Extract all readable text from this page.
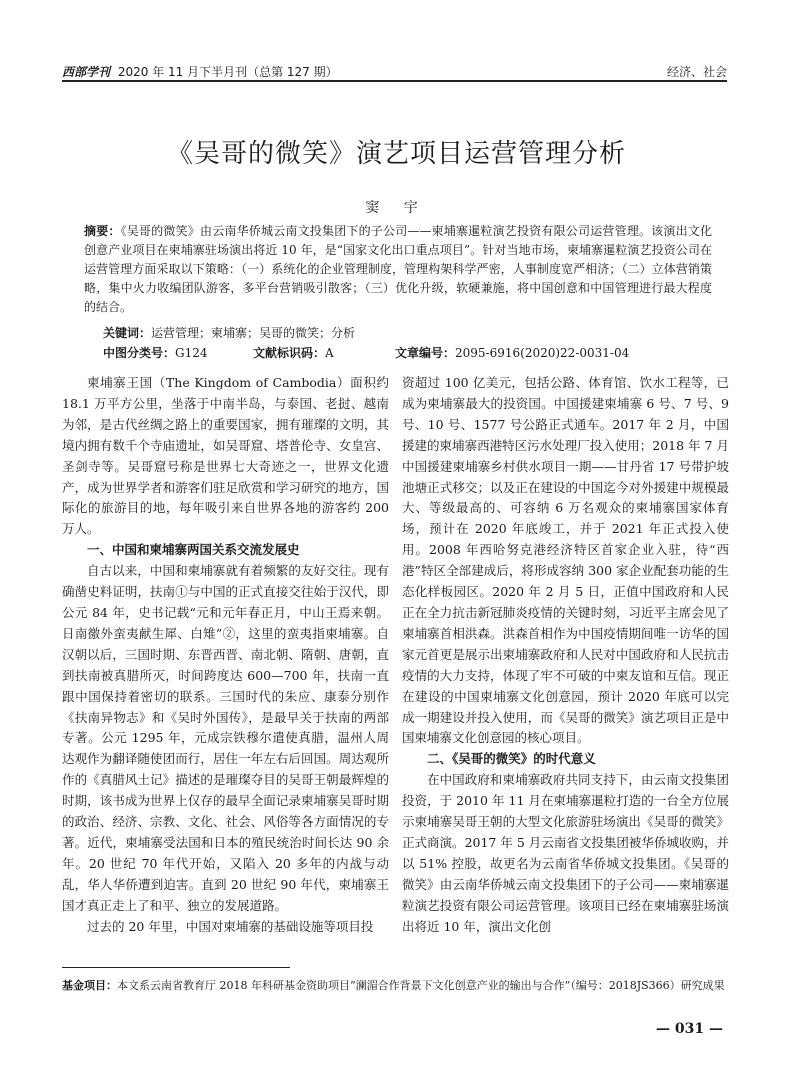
西部学刊 2020 年 11 月下半月刊（总第 127 期）	经济、社会
《吴哥的微笑》演艺项目运营管理分析
窦 宇
摘要：《吴哥的微笑》由云南华侨城云南文投集团下的子公司——柬埔寨暹粒演艺投资有限公司运营管理。该演出文化创意产业项目在柬埔寨驻场演出将近 10 年，是“国家文化出口重点项目”。针对当地市场，柬埔寨暹粒演艺投资公司在运营管理方面采取以下策略：（一）系统化的企业管理制度，管理构架科学严密，人事制度宽严相济；（二）立体营销策略，集中火力收编团队游客，多平台营销吸引散客；（三）优化升级，软硬兼施，将中国创意和中国管理进行最大程度的结合。
关键词：运营管理；柬埔寨；吴哥的微笑；分析
中图分类号：G124	文献标识码：A	文章编号：2095-6916(2020)22-0031-04

柬埔寨王国（The Kingdom of Cambodia）面积约 18.1 万平方公里，坐落于中南半岛，与泰国、老挝、越南为邻，是古代丝绸之路上的重要国家，拥有璀璨的文明，其境内拥有数千个寺庙遗址，如吴哥窟、塔普伦寺、女皇宫、圣剑寺等。吴哥窟号称是世界七大奇迹之一，世界文化遗产，成为世界学者和游客们驻足欣赏和学习研究的地方，国际化的旅游目的地，每年吸引来自世界各地的游客约 200 万人。

一、中国和柬埔寨两国关系交流发展史

自古以来，中国和柬埔寨就有着频繁的友好交往。现有确凿史料证明，扶南①与中国的正式直接交往始于汉代，即公元 84 年，史书记载“元和元年春正月，中山王焉来朝。日南徼外蛮夷献生犀、白雉”②，这里的蛮夷指柬埔寨。自汉朝以后，三国时期、东晋西晋、南北朝、隋朝、唐朝，直到扶南被真腊所灭，时间跨度达 600—700 年，扶南一直跟中国保持着密切的联系。三国时代的朱应、康泰分别作《扶南异物志》和《吴时外国传》，是最早关于扶南的两部专著。公元 1295 年，元成宗铁穆尔遣使真腊，温州人周达观作为翻译随使团而行，居住一年左右后回国。周达观所作的《真腊风土记》描述的是璀璨夺目的吴哥王朝最辉煌的时期，该书成为世界上仅存的最早全面记录柬埔寨吴哥时期的政治、经济、宗教、文化、社会、风俗等各方面情况的专著。近代，柬埔寨受法国和日本的殖民统治时间长达 90 余年。20 世纪 70 年代开始，又陷入 20 多年的内战与动乱，华人华侨遭到迫害。直到 20 世纪 90 年代，柬埔寨王国才真正走上了和平、独立的发展道路。

过去的 20 年里，中国对柬埔寨的基础设施等项目投

资超过 100 亿美元，包括公路、体育馆、饮水工程等，已成为柬埔寨最大的投资国。中国援建柬埔寨 6 号、7 号、9 号、10 号、1577 号公路正式通车。2017 年 2 月，中国援建的柬埔寨西港特区污水处理厂投入使用；2018 年 7 月中国援建柬埔寨乡村供水项目一期——甘丹省 17 号带护坡池塘正式移交；以及正在建设的中国迄今对外援建中规模最大、等级最高的、可容纳 6 万名观众的柬埔寨国家体育场，预计在 2020 年底竣工，并于 2021 年正式投入使用。2008 年西哈努克港经济特区首家企业入驻，待“西港”特区全部建成后，将形成容纳 300 家企业配套功能的生态化样板园区。2020 年 2 月 5 日，正值中国政府和人民正在全力抗击新冠肺炎疫情的关键时刻，习近平主席会见了柬埔寨首相洪森。洪森首相作为中国疫情期间唯一访华的国家元首更是展示出柬埔寨政府和人民对中国政府和人民抗击疫情的大力支持，体现了牢不可破的中柬友谊和互信。现正在建设的中国柬埔寨文化创意园，预计 2020 年底可以完成一期建设并投入使用，而《吴哥的微笑》演艺项目正是中国柬埔寨文化创意园的核心项目。

二、《吴哥的微笑》的时代意义

在中国政府和柬埔寨政府共同支持下，由云南文投集团投资，于 2010 年 11 月在柬埔寨暹粒打造的一台全方位展示柬埔寨吴哥王朝的大型文化旅游驻场演出《吴哥的微笑》正式商演。2017 年 5 月云南省文投集团被华侨城收购，并以 51% 控股，故更名为云南省华侨城文投集团。《吴哥的微笑》由云南华侨城云南文投集团下的子公司——柬埔寨暹粒演艺投资有限公司运营管理。该项目已经在柬埔寨驻场演出将近 10 年，演出文化创

基金项目：本文系云南省教育厅 2018 年科研基金资助项目“澜湄合作背景下文化创意产业的输出与合作”（编号：2018JS366）研究成果
— 031 —
